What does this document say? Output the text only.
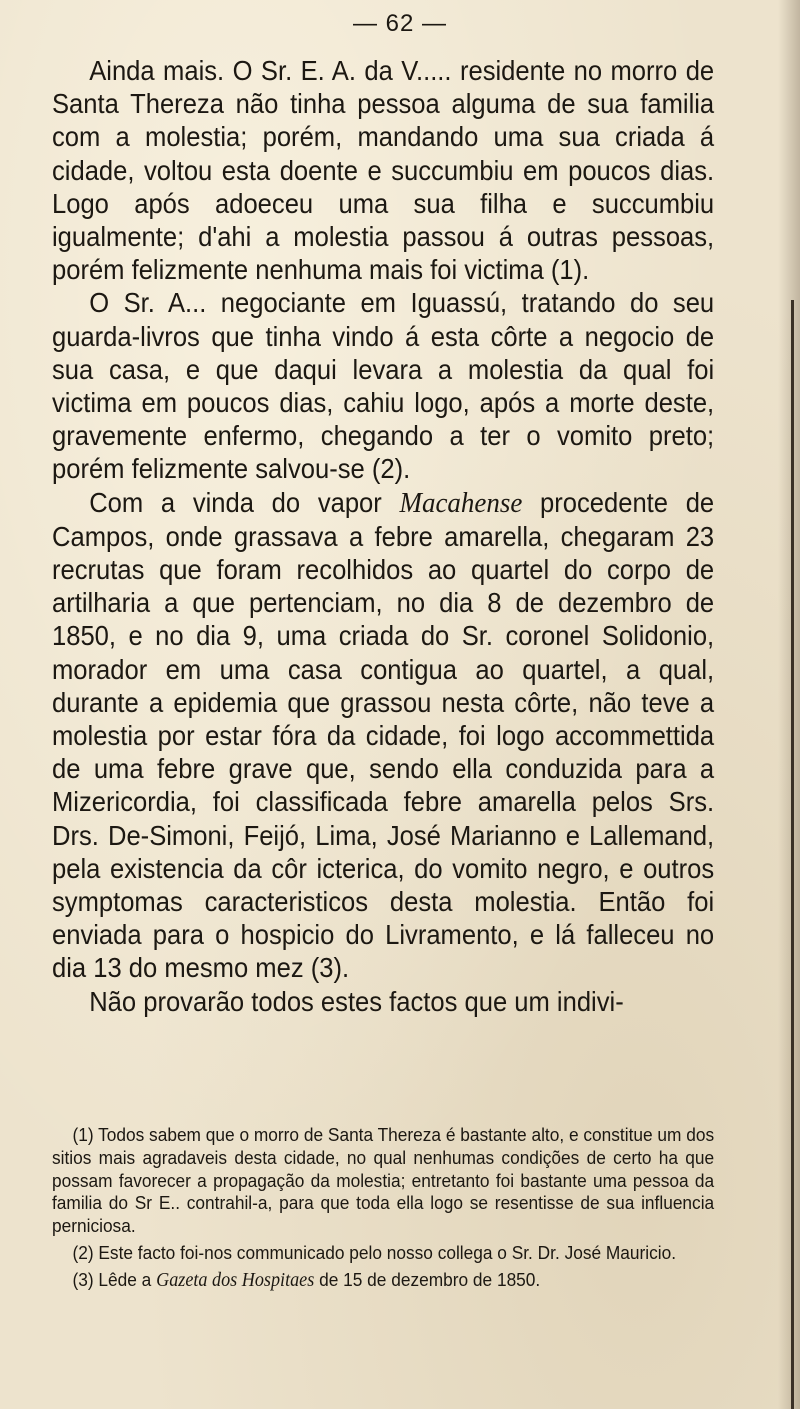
— 62 —

Ainda mais. O Sr. E. A. da V..... residente no morro de Santa Thereza não tinha pessoa alguma de sua familia com a molestia; porém, mandando uma sua criada á cidade, voltou esta doente e succumbiu em poucos dias. Logo após adoeceu uma sua filha e succumbiu igualmente; d'ahi a molestia passou á outras pessoas, porém felizmente nenhuma mais foi victima (1).

O Sr. A... negociante em Iguassú, tratando do seu guarda-livros que tinha vindo á esta côrte a negocio de sua casa, e que daqui levara a molestia da qual foi victima em poucos dias, cahiu logo, após a morte deste, gravemente enfermo, chegando a ter o vomito preto; porém felizmente salvou-se (2).

Com a vinda do vapor Macahense procedente de Campos, onde grassava a febre amarella, chegaram 23 recrutas que foram recolhidos ao quartel do corpo de artilharia a que pertenciam, no dia 8 de dezembro de 1850, e no dia 9, uma criada do Sr. coronel Solidonio, morador em uma casa contigua ao quartel, a qual, durante a epidemia que grassou nesta côrte, não teve a molestia por estar fóra da cidade, foi logo accommettida de uma febre grave que, sendo ella conduzida para a Mizericordia, foi classificada febre amarella pelos Srs. Drs. De-Simoni, Feijó, Lima, José Marianno e Lallemand, pela existencia da côr icterica, do vomito negro, e outros symptomas caracteristicos desta molestia. Então foi enviada para o hospicio do Livramento, e lá falleceu no dia 13 do mesmo mez (3).

Não provarão todos estes factos que um indivi-

(1) Todos sabem que o morro de Santa Thereza é bastante alto, e constitue um dos sitios mais agradaveis desta cidade, no qual nenhumas condições de certo ha que possam favorecer a propagação da molestia; entretanto foi bastante uma pessoa da familia do Sr E.. contrahil-a, para que toda ella logo se resentisse de sua influencia perniciosa.

(2) Este facto foi-nos communicado pelo nosso collega o Sr. Dr. José Mauricio.

(3) Lêde a Gazeta dos Hospitaes de 15 de dezembro de 1850.
